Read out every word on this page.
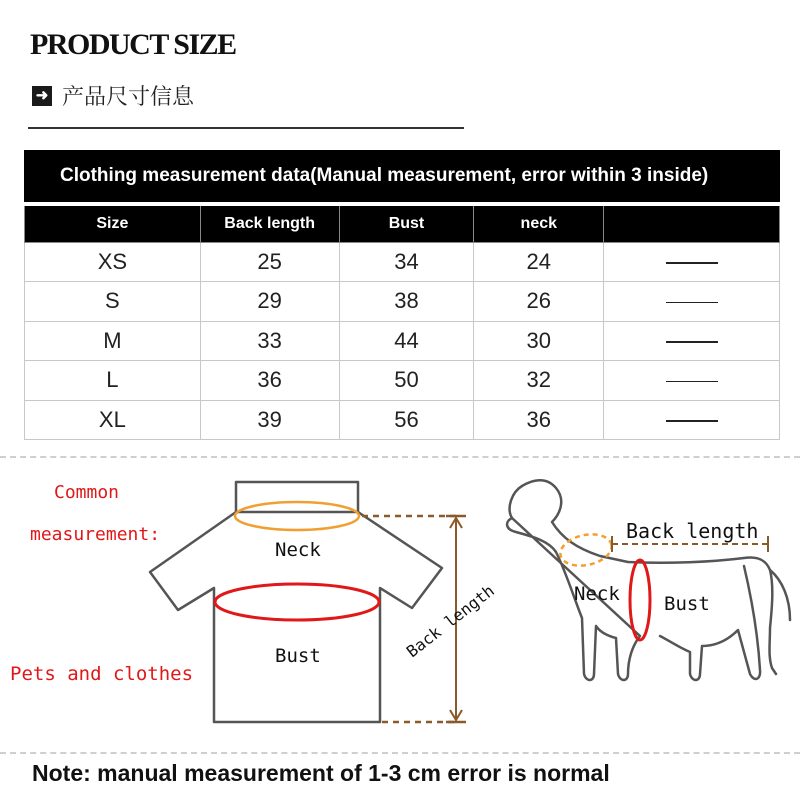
PRODUCT SIZE
➜ 产品尺寸信息
Clothing measurement data(Manual measurement, error within 3 inside)
Size	Back length	Bust	neck	
XS	25	34	24	
S	29	38	26	
M	33	44	30	
L	36	50	32	
XL	39	56	36	
Common
measurement:
Pets and clothes
Neck
Bust	Back length
Back length
Neck Bust
Note: manual measurement of 1-3 cm error is normal
